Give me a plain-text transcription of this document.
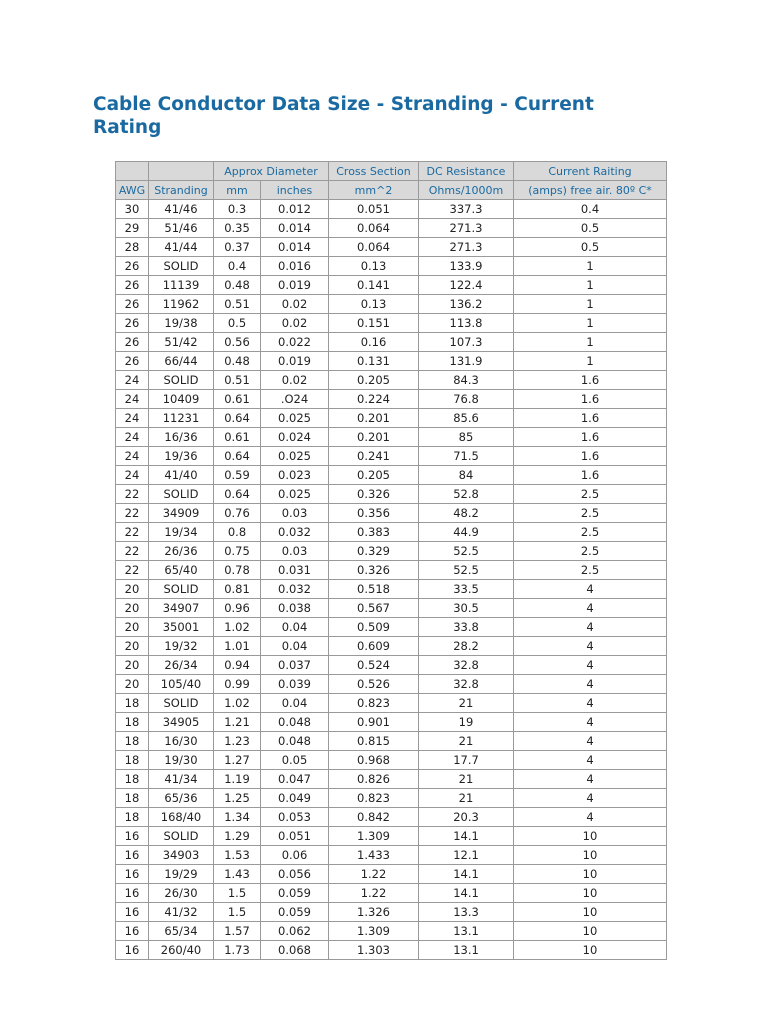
Cable Conductor Data Size - Stranding - Current Rating
		Approx Diameter		Cross Section	DC Resistance	Current Raiting
AWG	Stranding	mm	inches	mm^2	Ohms/1000m	(amps) free air. 80º C*
30	41/46	0.3	0.012	0.051	337.3	0.4
29	51/46	0.35	0.014	0.064	271.3	0.5
28	41/44	0.37	0.014	0.064	271.3	0.5
26	SOLID	0.4	0.016	0.13	133.9	1
26	11139	0.48	0.019	0.141	122.4	1
26	11962	0.51	0.02	0.13	136.2	1
26	19/38	0.5	0.02	0.151	113.8	1
26	51/42	0.56	0.022	0.16	107.3	1
26	66/44	0.48	0.019	0.131	131.9	1
24	SOLID	0.51	0.02	0.205	84.3	1.6
24	10409	0.61	.O24	0.224	76.8	1.6
24	11231	0.64	0.025	0.201	85.6	1.6
24	16/36	0.61	0.024	0.201	85	1.6
24	19/36	0.64	0.025	0.241	71.5	1.6
24	41/40	0.59	0.023	0.205	84	1.6
22	SOLID	0.64	0.025	0.326	52.8	2.5
22	34909	0.76	0.03	0.356	48.2	2.5
22	19/34	0.8	0.032	0.383	44.9	2.5
22	26/36	0.75	0.03	0.329	52.5	2.5
22	65/40	0.78	0.031	0.326	52.5	2.5
20	SOLID	0.81	0.032	0.518	33.5	4
20	34907	0.96	0.038	0.567	30.5	4
20	35001	1.02	0.04	0.509	33.8	4
20	19/32	1.01	0.04	0.609	28.2	4
20	26/34	0.94	0.037	0.524	32.8	4
20	105/40	0.99	0.039	0.526	32.8	4
18	SOLID	1.02	0.04	0.823	21	4
18	34905	1.21	0.048	0.901	19	4
18	16/30	1.23	0.048	0.815	21	4
18	19/30	1.27	0.05	0.968	17.7	4
18	41/34	1.19	0.047	0.826	21	4
18	65/36	1.25	0.049	0.823	21	4
18	168/40	1.34	0.053	0.842	20.3	4
16	SOLID	1.29	0.051	1.309	14.1	10
16	34903	1.53	0.06	1.433	12.1	10
16	19/29	1.43	0.056	1.22	14.1	10
16	26/30	1.5	0.059	1.22	14.1	10
16	41/32	1.5	0.059	1.326	13.3	10
16	65/34	1.57	0.062	1.309	13.1	10
16	260/40	1.73	0.068	1.303	13.1	10
